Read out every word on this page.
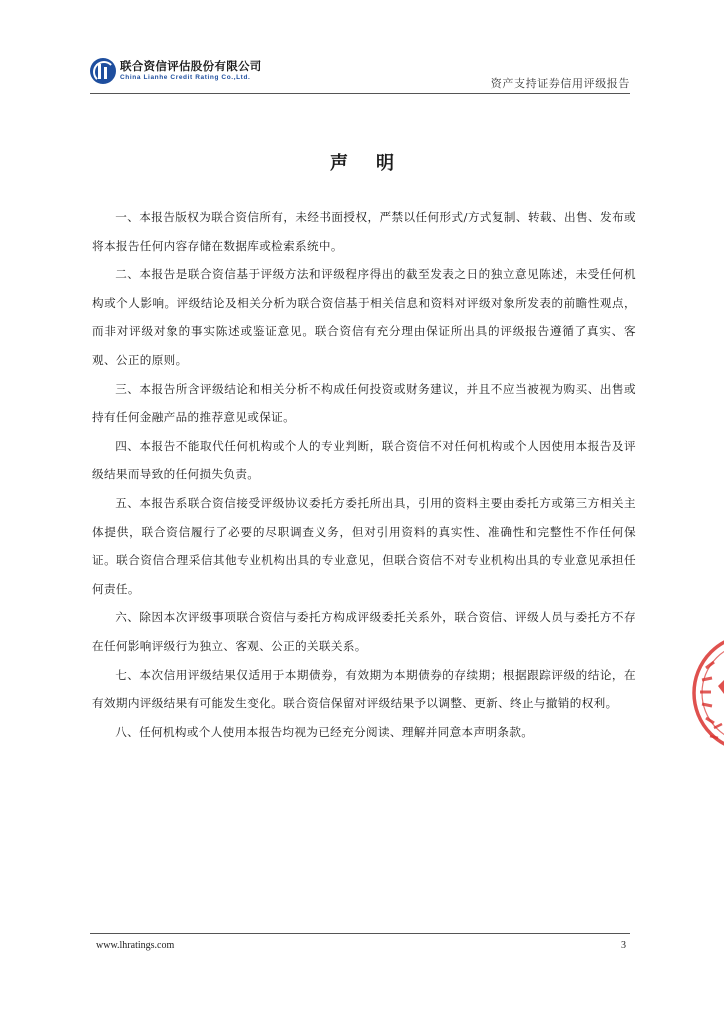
联合资信评估股份有限公司
China Lianhe Credit Rating Co.,Ltd.	资产支持证券信用评级报告
声明

一、本报告版权为联合资信所有，未经书面授权，严禁以任何形式/方式复制、转载、出售、发布或将本报告任何内容存储在数据库或检索系统中。

二、本报告是联合资信基于评级方法和评级程序得出的截至发表之日的独立意见陈述，未受任何机构或个人影响。评级结论及相关分析为联合资信基于相关信息和资料对评级对象所发表的前瞻性观点，而非对评级对象的事实陈述或鉴证意见。联合资信有充分理由保证所出具的评级报告遵循了真实、客观、公正的原则。

三、本报告所含评级结论和相关分析不构成任何投资或财务建议，并且不应当被视为购买、出售或持有任何金融产品的推荐意见或保证。

四、本报告不能取代任何机构或个人的专业判断，联合资信不对任何机构或个人因使用本报告及评级结果而导致的任何损失负责。

五、本报告系联合资信接受评级协议委托方委托所出具，引用的资料主要由委托方或第三方相关主体提供，联合资信履行了必要的尽职调查义务，但对引用资料的真实性、准确性和完整性不作任何保证。联合资信合理采信其他专业机构出具的专业意见，但联合资信不对专业机构出具的专业意见承担任何责任。

六、除因本次评级事项联合资信与委托方构成评级委托关系外，联合资信、评级人员与委托方不存在任何影响评级行为独立、客观、公正的关联关系。

七、本次信用评级结果仅适用于本期债券，有效期为本期债券的存续期；根据跟踪评级的结论，在有效期内评级结果有可能发生变化。联合资信保留对评级结果予以调整、更新、终止与撤销的权利。

八、任何机构或个人使用本报告均视为已经充分阅读、理解并同意本声明条款。

www.lhratings.com	3
